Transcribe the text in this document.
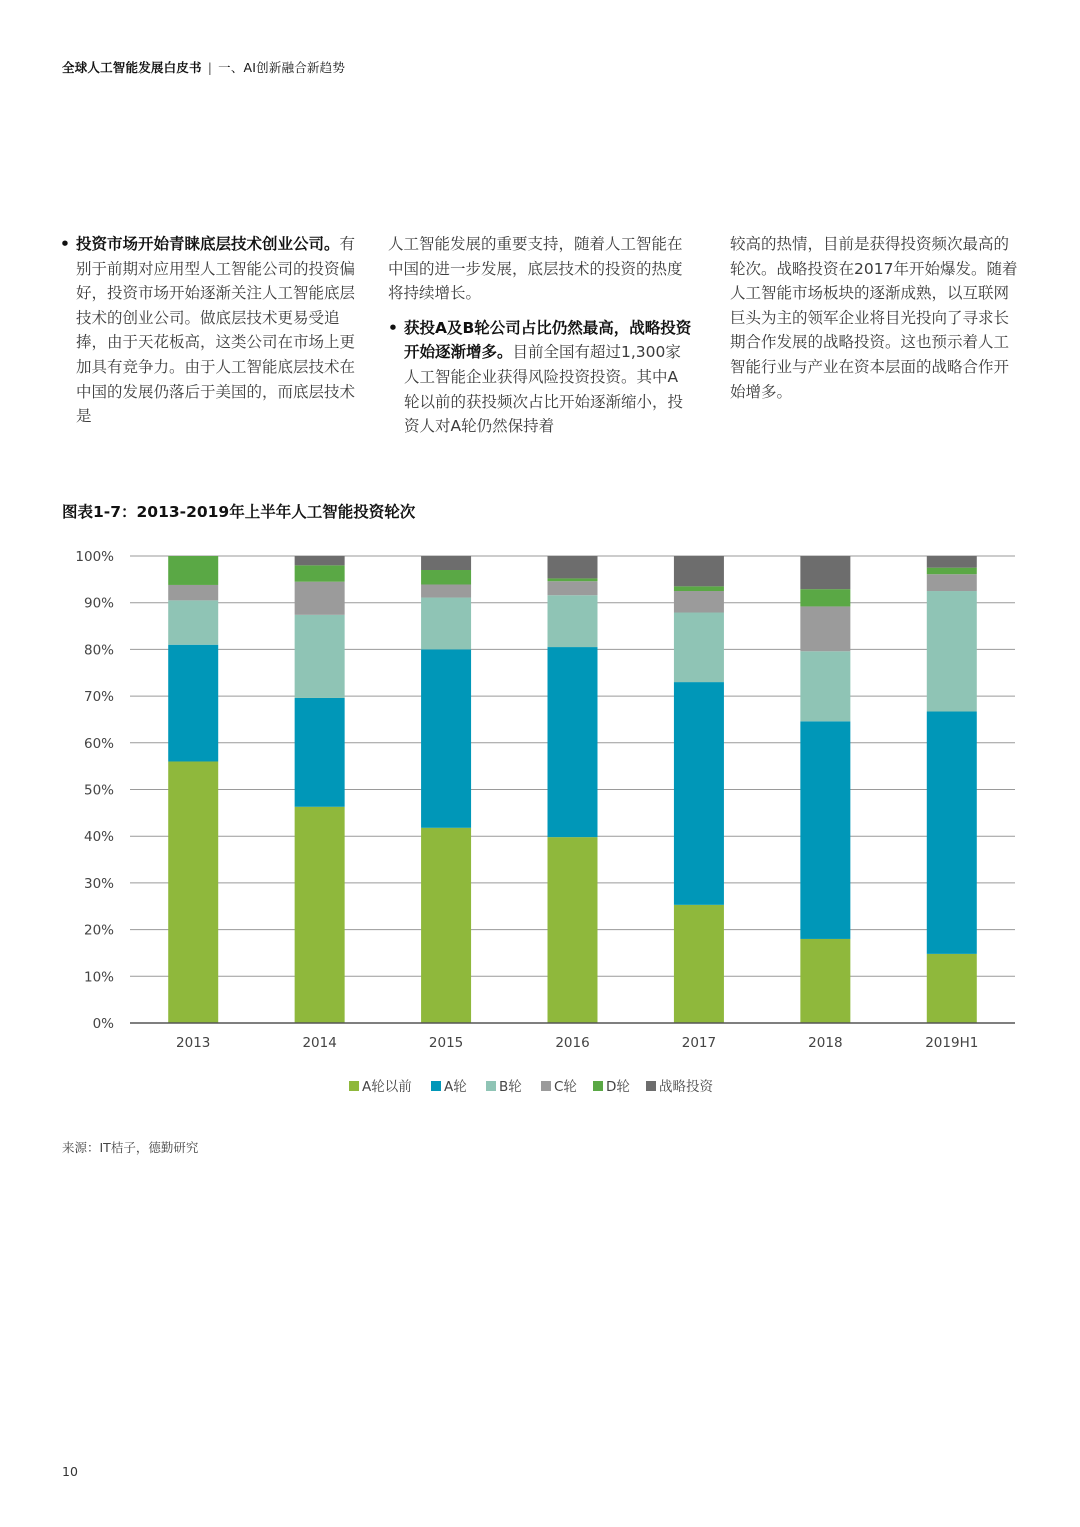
全球人工智能发展白皮书 | 一、AI创新融合新趋势
• 投资市场开始青睐底层技术创业公司。有别于前期对应用型人工智能公司的投资偏好，投资市场开始逐渐关注人工智能底层技术的创业公司。做底层技术更易受追捧，由于天花板高，这类公司在市场上更加具有竞争力。由于人工智能底层技术在中国的发展仍落后于美国的，而底层技术是
人工智能发展的重要支持，随着人工智能在中国的进一步发展，底层技术的投资的热度将持续增长。
• 获投A及B轮公司占比仍然最高，战略投资开始逐渐增多。目前全国有超过1,300家人工智能企业获得风险投资投资。其中A轮以前的获投频次占比开始逐渐缩小，投资人对A轮仍然保持着
较高的热情，目前是获得投资频次最高的轮次。战略投资在2017年开始爆发。随着人工智能市场板块的逐渐成熟，以互联网巨头为主的领军企业将目光投向了寻求长期合作发展的战略投资。这也预示着人工智能行业与产业在资本层面的战略合作开始增多。
图表1-7：2013-2019年上半年人工智能投资轮次
0%
10%
20%
30%
40%
50%
60%
70%
80%
90%
100%
2013	2014	2015	2016	2017	2018	2019H1
A轮以前 A轮 B轮 C轮 D轮 战略投资
来源：IT桔子，德勤研究
10
